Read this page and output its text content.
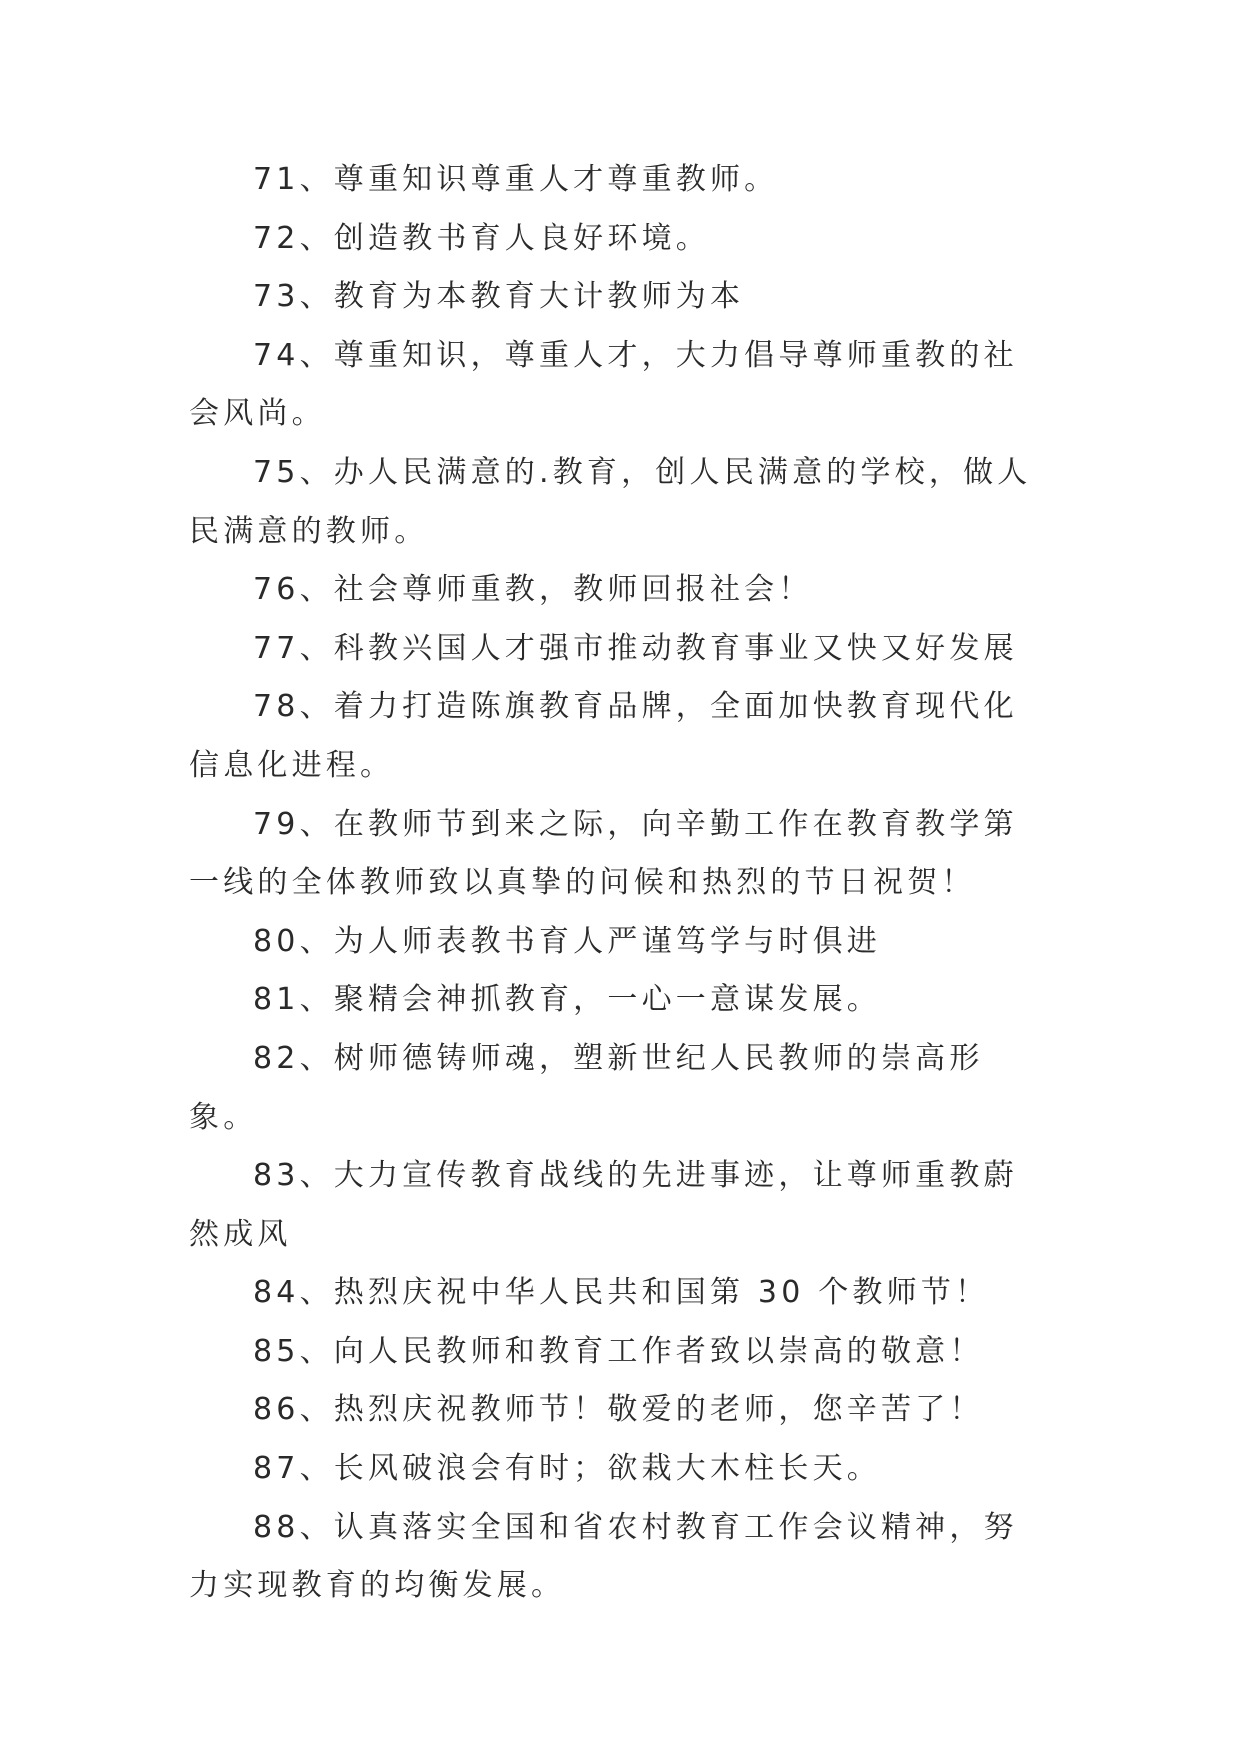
71、尊重知识尊重人才尊重教师。

72、创造教书育人良好环境。

73、教育为本教育大计教师为本

74、尊重知识，尊重人才，大力倡导尊师重教的社会风尚。

75、办人民满意的.教育，创人民满意的学校，做人民满意的教师。

76、社会尊师重教，教师回报社会！

77、科教兴国人才强市推动教育事业又快又好发展

78、着力打造陈旗教育品牌，全面加快教育现代化信息化进程。

79、在教师节到来之际，向辛勤工作在教育教学第一线的全体教师致以真挚的问候和热烈的节日祝贺！

80、为人师表教书育人严谨笃学与时俱进

81、聚精会神抓教育，一心一意谋发展。

82、树师德铸师魂，塑新世纪人民教师的崇高形象。

83、大力宣传教育战线的先进事迹，让尊师重教蔚然成风

84、热烈庆祝中华人民共和国第 30 个教师节！

85、向人民教师和教育工作者致以崇高的敬意！

86、热烈庆祝教师节！敬爱的老师，您辛苦了！

87、长风破浪会有时；欲栽大木柱长天。

88、认真落实全国和省农村教育工作会议精神，努力实现教育的均衡发展。
